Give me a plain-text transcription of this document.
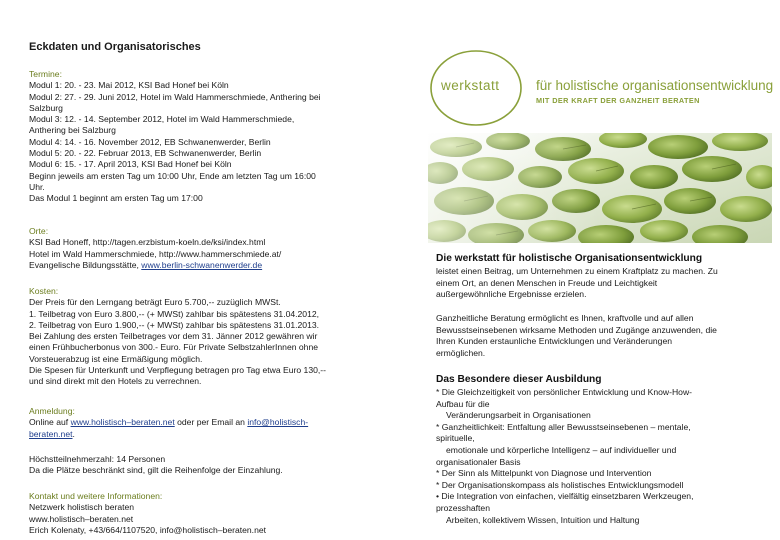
Eckdaten und Organisatorisches
Termine:
Modul 1: 20. - 23. Mai 2012, KSI Bad Honef bei Köln
Modul 2: 27. - 29. Juni 2012, Hotel im Wald Hammerschmiede, Anthering bei
Salzburg
Modul 3: 12. - 14. September 2012, Hotel im Wald Hammerschmiede,
Anthering bei Salzburg
Modul 4: 14. - 16. November 2012, EB Schwanenwerder, Berlin
Modul 5: 20. - 22. Februar 2013, EB Schwanenwerder, Berlin
Modul 6: 15. - 17. April 2013, KSI Bad Honef bei Köln
Beginn jeweils am ersten Tag um 10:00 Uhr, Ende am letzten Tag um 16:00
Uhr.
Das Modul 1 beginnt am ersten Tag um 17:00
Orte:
KSI Bad Honeff, http://tagen.erzbistum-koeln.de/ksi/index.html
Hotel im Wald Hammerschmiede, http://www.hammerschmiede.at/
Evangelische Bildungsstätte, www.berlin-schwanenwerder.de
Kosten:
Der Preis für den Lerngang beträgt Euro 5.700,-- zuzüglich MWSt.
1. Teilbetrag von Euro 3.800,-- (+ MWSt) zahlbar bis spätestens 31.04.2012,
2. Teilbetrag von Euro 1.900,-- (+ MWSt) zahlbar bis spätestens 31.01.2013.
Bei Zahlung des ersten Teilbetrages vor dem 31. Jänner 2012 gewähren wir
einen Frühbucherbonus von 300.- Euro. Für Private SelbstzahlerInnen ohne
Vorsteuerabzug ist eine Ermäßigung möglich.
Die Spesen für Unterkunft und Verpflegung betragen pro Tag etwa Euro 130,--
und sind direkt mit den Hotels zu verrechnen.
Anmeldung:
Online auf www.holistisch–beraten.net oder per Email an info@holistisch-
beraten.net.
Höchstteilnehmerzahl: 14 Personen
Da die Plätze beschränkt sind, gilt die Reihenfolge der Einzahlung.
Kontakt und weitere Informationen:
Netzwerk holistisch beraten
www.holistisch–beraten.net
Erich Kolenaty, +43/664/1107520, info@holistisch–beraten.net
werkstatt	für holistische organisationsentwicklung
MIT DER KRAFT DER GANZHEIT BERATEN
Die werkstatt für holistische Organisationsentwicklung
leistet einen Beitrag, um Unternehmen zu einem Kraftplatz zu machen. Zu
einem Ort, an denen Menschen in Freude und Leichtigkeit
außergewöhnliche Ergebnisse erzielen.
Ganzheitliche Beratung ermöglicht es Ihnen, kraftvolle und auf allen
Bewusstseinsebenen wirksame Methoden und Zugänge anzuwenden, die
Ihren Kunden erstaunliche Entwicklungen und Veränderungen
ermöglichen.
Das Besondere dieser Ausbildung
* Die Gleichzeitigkeit von persönlicher Entwicklung und Know-How-
Aufbau für die
Veränderungsarbeit in Organisationen
* Ganzheitlichkeit: Entfaltung aller Bewusstseinsebenen – mentale,
spirituelle,
emotionale und körperliche Intelligenz – auf individueller und
organisationaler Basis
* Der Sinn als Mittelpunkt von Diagnose und Intervention
* Der Organisationskompass als holistisches Entwicklungsmodell
• Die Integration von einfachen, vielfältig einsetzbaren Werkzeugen,
prozesshaften
Arbeiten, kollektivem Wissen, Intuition und Haltung
